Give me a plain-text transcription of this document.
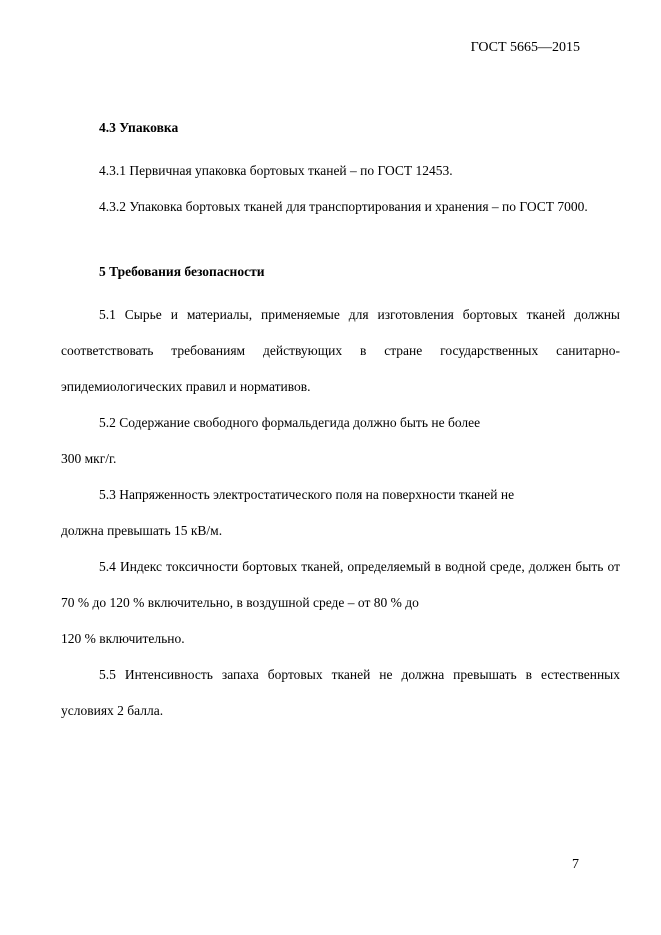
ГОСТ 5665—2015
4.3 Упаковка

4.3.1 Первичная упаковка бортовых тканей – по ГОСТ 12453.

4.3.2 Упаковка бортовых тканей для транспортирования и хранения – по ГОСТ 7000.

5 Требования безопасности

5.1 Сырье и материалы, применяемые для изготовления бортовых тканей должны соответствовать требованиям действующих в стране государственных санитарно-эпидемиологических правил и нормативов.

5.2 Содержание свободного формальдегида должно быть не более
300 мкг/г.

5.3 Напряженность электростатического поля на поверхности тканей не
должна превышать 15 кВ/м.

5.4 Индекс токсичности бортовых тканей, определяемый в водной среде, должен быть от 70 % до 120 % включительно, в воздушной среде – от 80 % до
120 % включительно.

5.5 Интенсивность запаха бортовых тканей не должна превышать в естественных условиях 2 балла.

7
